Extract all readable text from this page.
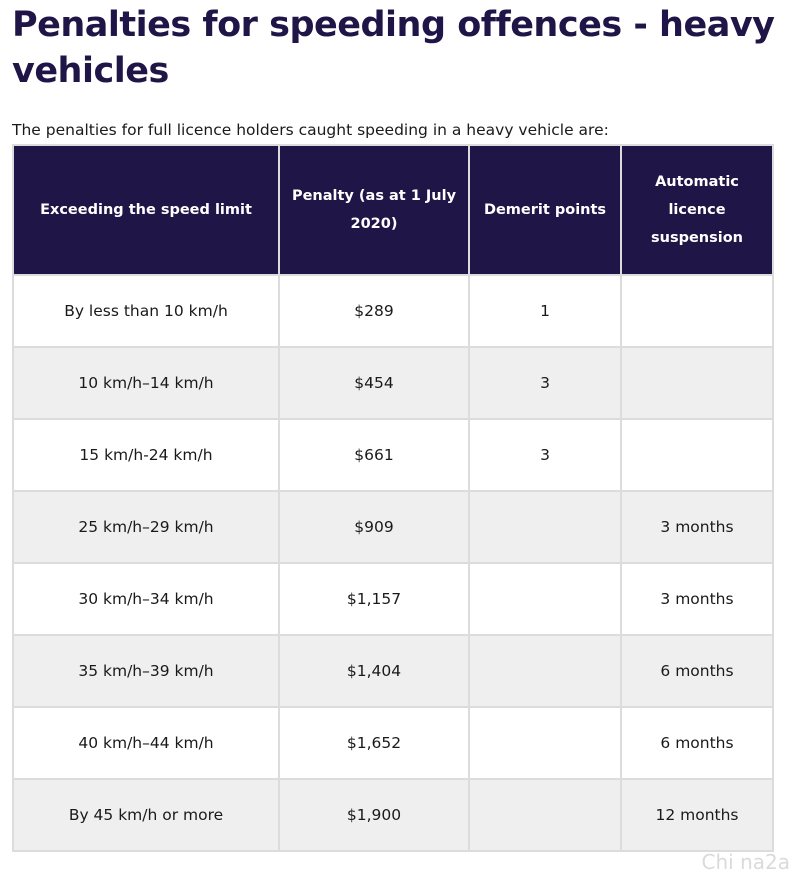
Penalties for speeding offences - heavy vehicles

The penalties for full licence holders caught speeding in a heavy vehicle are:

Exceeding the speed limit	Penalty (as at 1 July 2020)	Demerit points	Automatic licence suspension
By less than 10 km/h	$289	1	
10 km/h–14 km/h	$454	3	
15 km/h-24 km/h	$661	3	
25 km/h–29 km/h	$909		3 months
30 km/h–34 km/h	$1,157		3 months
35 km/h–39 km/h	$1,404		6 months
40 km/h–44 km/h	$1,652		6 months
By 45 km/h or more	$1,900		12 months
Chi na2a
